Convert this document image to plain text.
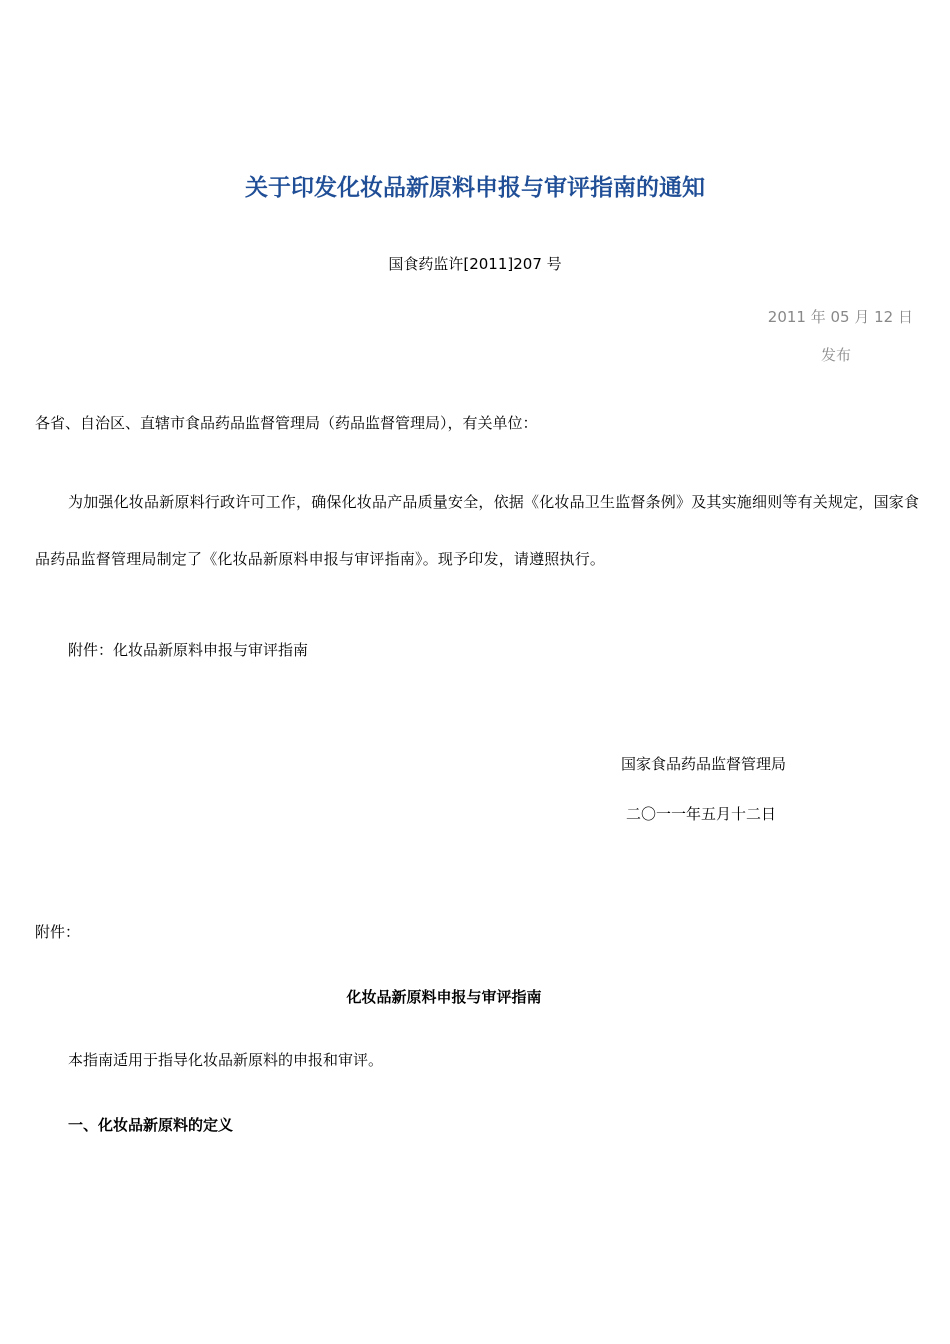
关于印发化妆品新原料申报与审评指南的通知
国食药监许[2011]207 号
2011 年 05 月 12 日
发布
各省、自治区、直辖市食品药品监督管理局（药品监督管理局），有关单位：
为加强化妆品新原料行政许可工作，确保化妆品产品质量安全，依据《化妆品卫生监督条例》及其实施细则等有关规定，国家食品药品监督管理局制定了《化妆品新原料申报与审评指南》。现予印发，请遵照执行。
附件：化妆品新原料申报与审评指南
国家食品药品监督管理局
二〇一一年五月十二日
附件：
化妆品新原料申报与审评指南
本指南适用于指导化妆品新原料的申报和审评。
一、化妆品新原料的定义
